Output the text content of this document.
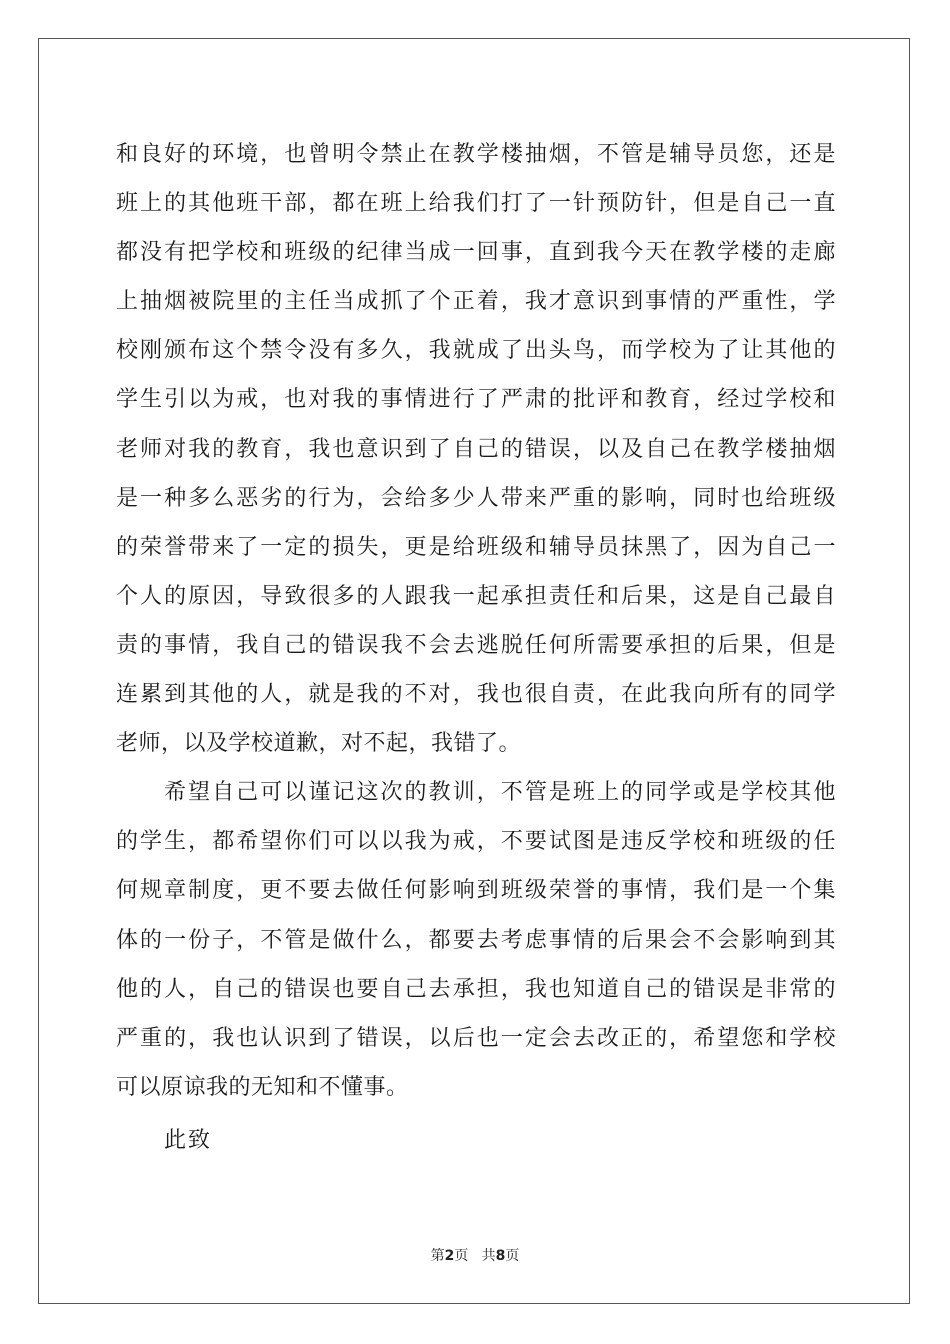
和良好的环境，也曾明令禁止在教学楼抽烟，不管是辅导员您，还是
班上的其他班干部，都在班上给我们打了一针预防针，但是自己一直
都没有把学校和班级的纪律当成一回事，直到我今天在教学楼的走廊
上抽烟被院里的主任当成抓了个正着，我才意识到事情的严重性，学
校刚颁布这个禁令没有多久，我就成了出头鸟，而学校为了让其他的
学生引以为戒，也对我的事情进行了严肃的批评和教育，经过学校和
老师对我的教育，我也意识到了自己的错误，以及自己在教学楼抽烟
是一种多么恶劣的行为，会给多少人带来严重的影响，同时也给班级
的荣誉带来了一定的损失，更是给班级和辅导员抹黑了，因为自己一
个人的原因，导致很多的人跟我一起承担责任和后果，这是自己最自
责的事情，我自己的错误我不会去逃脱任何所需要承担的后果，但是
连累到其他的人，就是我的不对，我也很自责，在此我向所有的同学
老师，以及学校道歉，对不起，我错了。
希望自己可以谨记这次的教训，不管是班上的同学或是学校其他
的学生，都希望你们可以以我为戒，不要试图是违反学校和班级的任
何规章制度，更不要去做任何影响到班级荣誉的事情，我们是一个集
体的一份子，不管是做什么，都要去考虑事情的后果会不会影响到其
他的人，自己的错误也要自己去承担，我也知道自己的错误是非常的
严重的，我也认识到了错误，以后也一定会去改正的，希望您和学校
可以原谅我的无知和不懂事。
此致
第2页 共8页
